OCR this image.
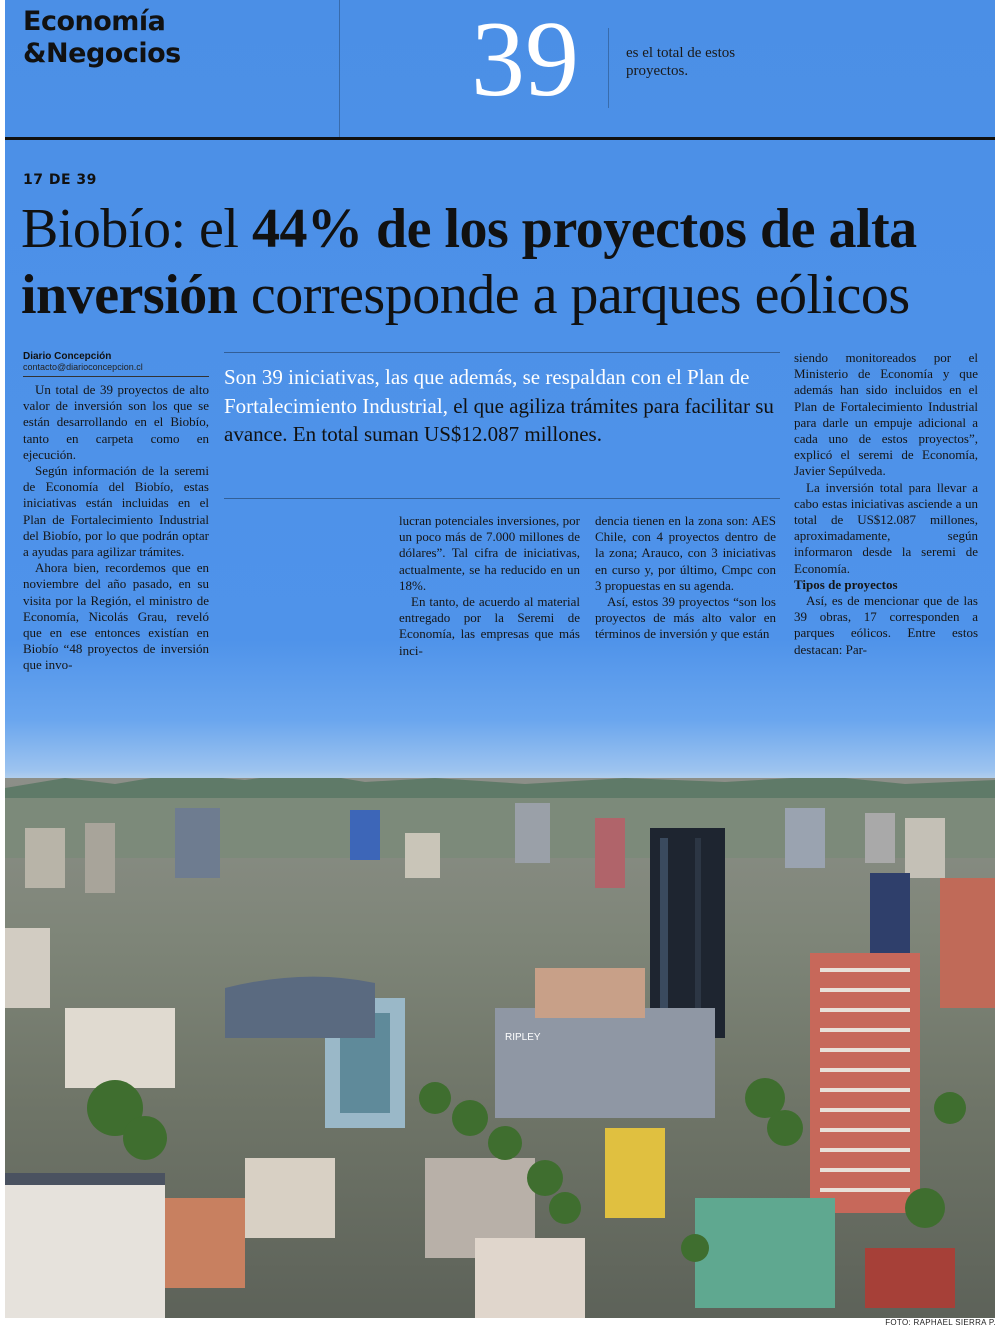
Economía
&Negocios	39	es el total de estos proyectos.
17 DE 39
Biobío: el 44% de los proyectos de alta inversión corresponde a parques eólicos
Diario Concepción
contacto@diarioconcepcion.cl

Un total de 39 proyectos de alto valor de inversión son los que se están desarrollando en el Biobío, tanto en carpeta como en ejecución.

Según información de la seremi de Economía del Biobío, estas iniciativas están incluidas en el Plan de Fortalecimiento Industrial del Biobío, por lo que podrán optar a ayudas para agilizar trámites.

Ahora bien, recordemos que en noviembre del año pasado, en su visita por la Región, el ministro de Economía, Nicolás Grau, reveló que en ese entonces existían en Biobío “48 proyectos de inversión que invo-

Son 39 iniciativas, las que además, se respaldan con el Plan de Fortalecimiento Industrial, el que agiliza trámites para facilitar su avance. En total suman US$12.087 millones.

lucran potenciales inversiones, por un poco más de 7.000 millones de dólares”. Tal cifra de iniciativas, actualmente, se ha reducido en un 18%.

En tanto, de acuerdo al material entregado por la Seremi de Economía, las empresas que más inci-

dencia tienen en la zona son: AES Chile, con 4 proyectos dentro de la zona; Arauco, con 3 iniciativas en curso y, por último, Cmpc con 3 propuestas en su agenda.

Así, estos 39 proyectos “son los proyectos de más alto valor en términos de inversión y que están

siendo monitoreados por el Ministerio de Economía y que además han sido incluidos en el Plan de Fortalecimiento Industrial para darle un empuje adicional a cada uno de estos proyectos”, explicó el seremi de Economía, Javier Sepúlveda.

La inversión total para llevar a cabo estas iniciativas asciende a un total de US$12.087 millones, aproximadamente, según informaron desde la seremi de Economía.

Tipos de proyectos

Así, es de mencionar que de las 39 obras, 17 corresponden a parques eólicos. Entre estos destacan: Par-

RIPLEY
FOTO: RAPHAEL SIERRA P.
